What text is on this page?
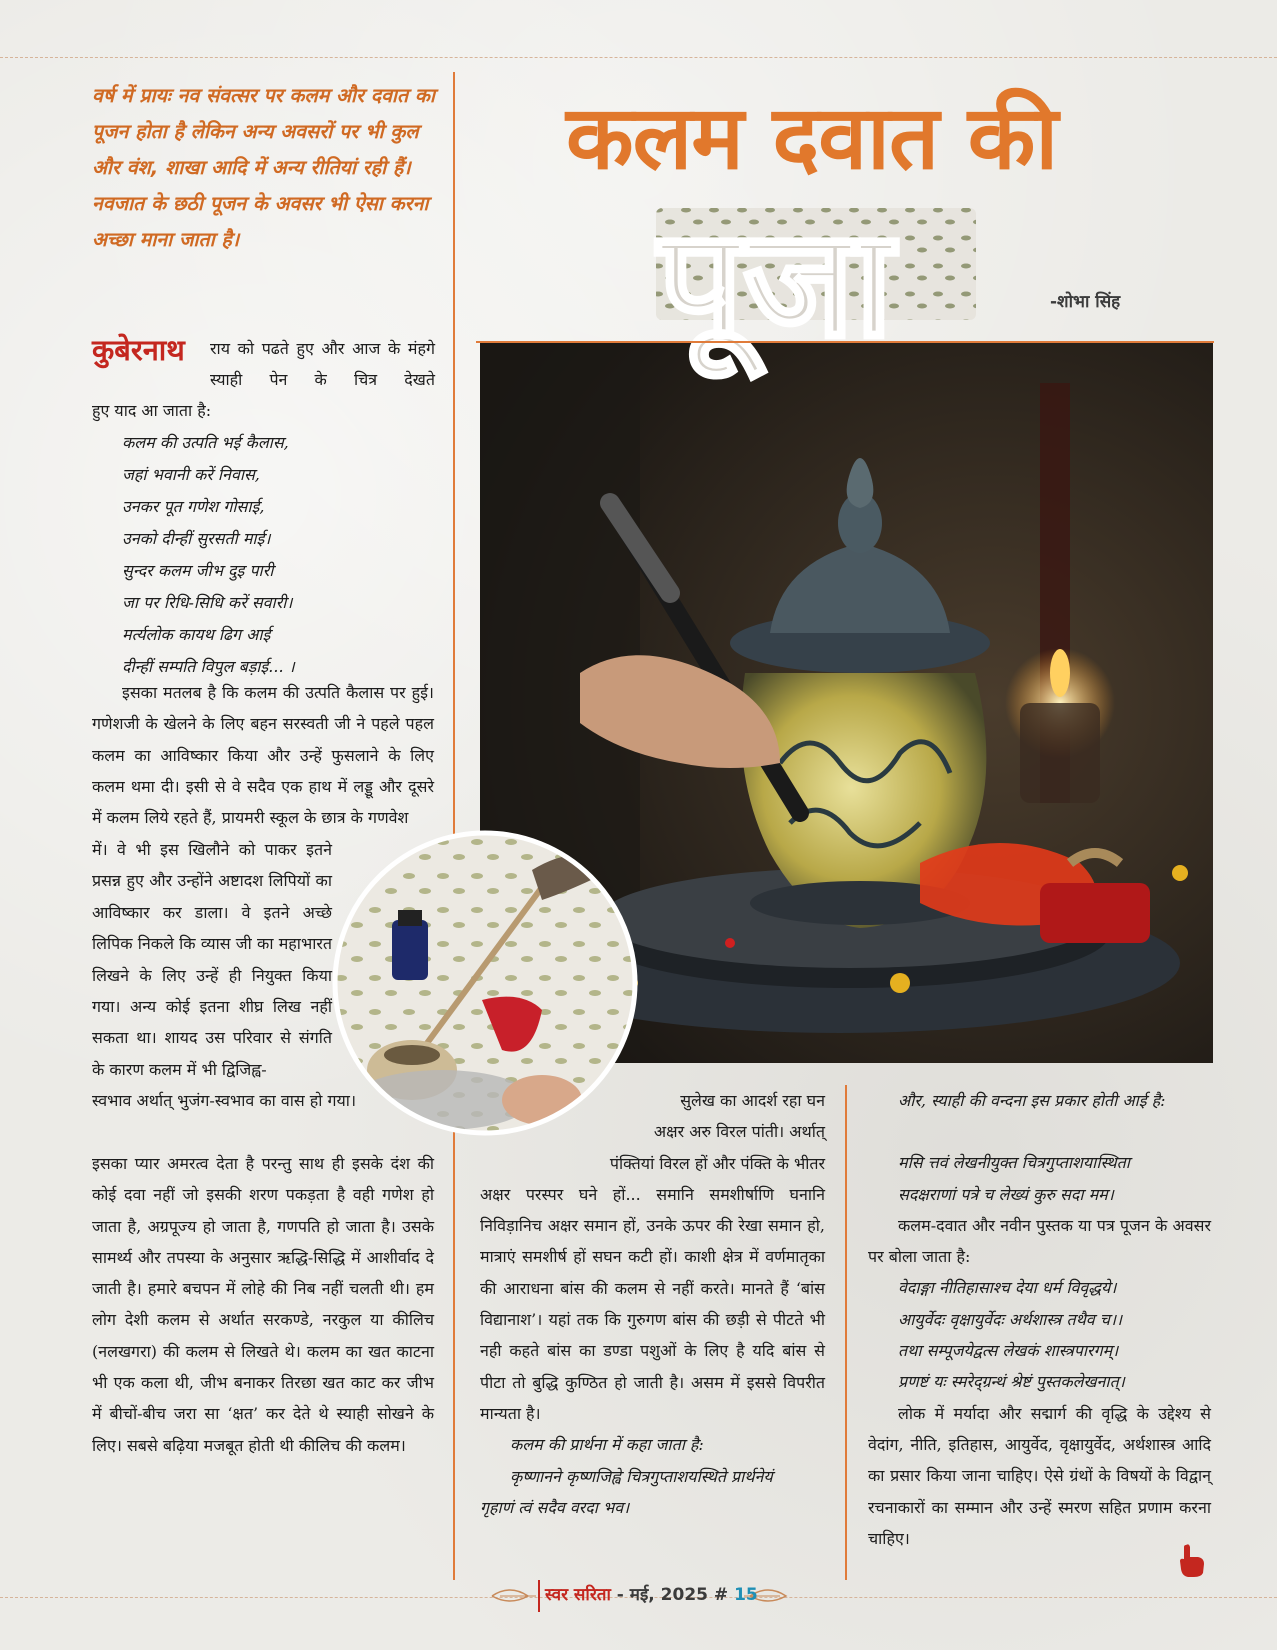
वर्ष में प्रायः नव संवत्सर पर कलम और दवात का पूजन होता है लेकिन अन्य अवसरों पर भी कुल और वंश, शाखा आदि में अन्य रीतियां रही हैं। नवजात के छठी पूजन के अवसर भी ऐसा करना अच्छा माना जाता है।

कुबेरनाथ राय को पढते हुए और आज के मंहगे स्याही पेन के चित्र देखते

हुए याद आ जाता है:

कलम की उत्पति भई कैलास,
जहां भवानी करें निवास,
उनकर पूत गणेश गोसाई,
उनको दीन्हीं सुरसती माई।
सुन्दर कलम जीभ दुइ पारी
जा पर रिधि-सिधि करें सवारी।
मर्त्यलोक कायथ ढिग आई
दीन्हीं सम्पति विपुल बड़ाई... ।

इसका मतलब है कि कलम की उत्पति कैलास पर हुई। गणेशजी के खेलने के लिए बहन सरस्वती जी ने पहले पहल कलम का आविष्कार किया और उन्हें फुसलाने के लिए कलम थमा दी। इसी से वे सदैव एक हाथ में लड्डू और दूसरे में कलम लिये रहते हैं, प्रायमरी स्कूल के छात्र के गणवेश

में। वे भी इस खिलौने को पाकर इतने प्रसन्न हुए और उन्होंने अष्टादश लिपियों का आविष्कार कर डाला। वे इतने अच्छे लिपिक निकले कि व्यास जी का महाभारत लिखने के लिए उन्हें ही नियुक्त किया गया। अन्य कोई इतना शीघ्र लिख नहीं सकता था। शायद उस परिवार से संगति के कारण कलम में भी द्विजिह्व-

स्वभाव अर्थात् भुजंग-स्वभाव का वास हो गया।

इसका प्यार अमरत्व देता है परन्तु साथ ही इसके दंश की कोई दवा नहीं जो इसकी शरण पकड़ता है वही गणेश हो जाता है, अग्रपूज्य हो जाता है, गणपति हो जाता है। उसके सामर्थ्य और तपस्या के अनुसार ऋद्धि-सिद्धि में आशीर्वाद दे जाती है। हमारे बचपन में लोहे की निब नहीं चलती थी। हम लोग देशी कलम से अर्थात सरकण्डे, नरकुल या कीलिच (नलखगरा) की कलम से लिखते थे। कलम का खत काटना भी एक कला थी, जीभ बनाकर तिरछा खत काट कर जीभ में बीचों-बीच जरा सा ‘क्षत’ कर देते थे स्याही सोखने के लिए। सबसे बढ़िया मजबूत होती थी कीलिच की कलम।

कलम दवात की
पूजा	-शोभा सिंह

सुलेख का आदर्श रहा घन

अक्षर अरु विरल पांती। अर्थात्

पंक्तियां विरल हों और पंक्ति के भीतर

अक्षर परस्पर घने हों... समानि समशीर्षाणि घनानि निविड़ानिच अक्षर समान हों, उनके ऊपर की रेखा समान हो, मात्राएं समशीर्ष हों सघन कटी हों। काशी क्षेत्र में वर्णमातृका की आराधना बांस की कलम से नहीं करते। मानते हैं ‘बांस विद्यानाश’। यहां तक कि गुरुगण बांस की छड़ी से पीटते भी नही कहते बांस का डण्डा पशुओं के लिए है यदि बांस से पीटा तो बुद्धि कुण्ठित हो जाती है। असम में इससे विपरीत मान्यता है।

कलम की प्रार्थना में कहा जाता है:

कृष्णानने कृष्णजिह्वे चित्रगुप्ताशयस्थिते प्रार्थनेयं

गृहाणं त्वं सदैव वरदा भव।

और, स्याही की वन्दना इस प्रकार होती आई है:

मसि त्तवं लेखनीयुक्त चित्रगुप्ताशयास्थिता

सदक्षराणां पत्रे च लेख्यं कुरु सदा मम।

कलम-दवात और नवीन पुस्तक या पत्र पूजन के अवसर पर बोला जाता है:

वेदाङ्गा नीतिहासाश्च देया धर्म विवृद्धये।

आयुर्वेदः वृक्षायुर्वेदः अर्थशास्त्र तथैव च।।

तथा सम्पूजयेद्वत्स लेखकं शास्त्रपारगम्।

प्रणष्टं यः स्मरेद्ग्रन्थं श्रेष्टं पुस्तकलेखनात्।

लोक में मर्यादा और सद्मार्ग की वृद्धि के उद्देश्य से वेदांग, नीति, इतिहास, आयुर्वेद, वृक्षायुर्वेद, अर्थशास्त्र आदि का प्रसार किया जाना चाहिए। ऐसे ग्रंथों के विषयों के विद्वान् रचनाकारों का सम्मान और उन्हें स्मरण सहित प्रणाम करना चाहिए।

स्वर सरिता - मई, 2025 # 15
